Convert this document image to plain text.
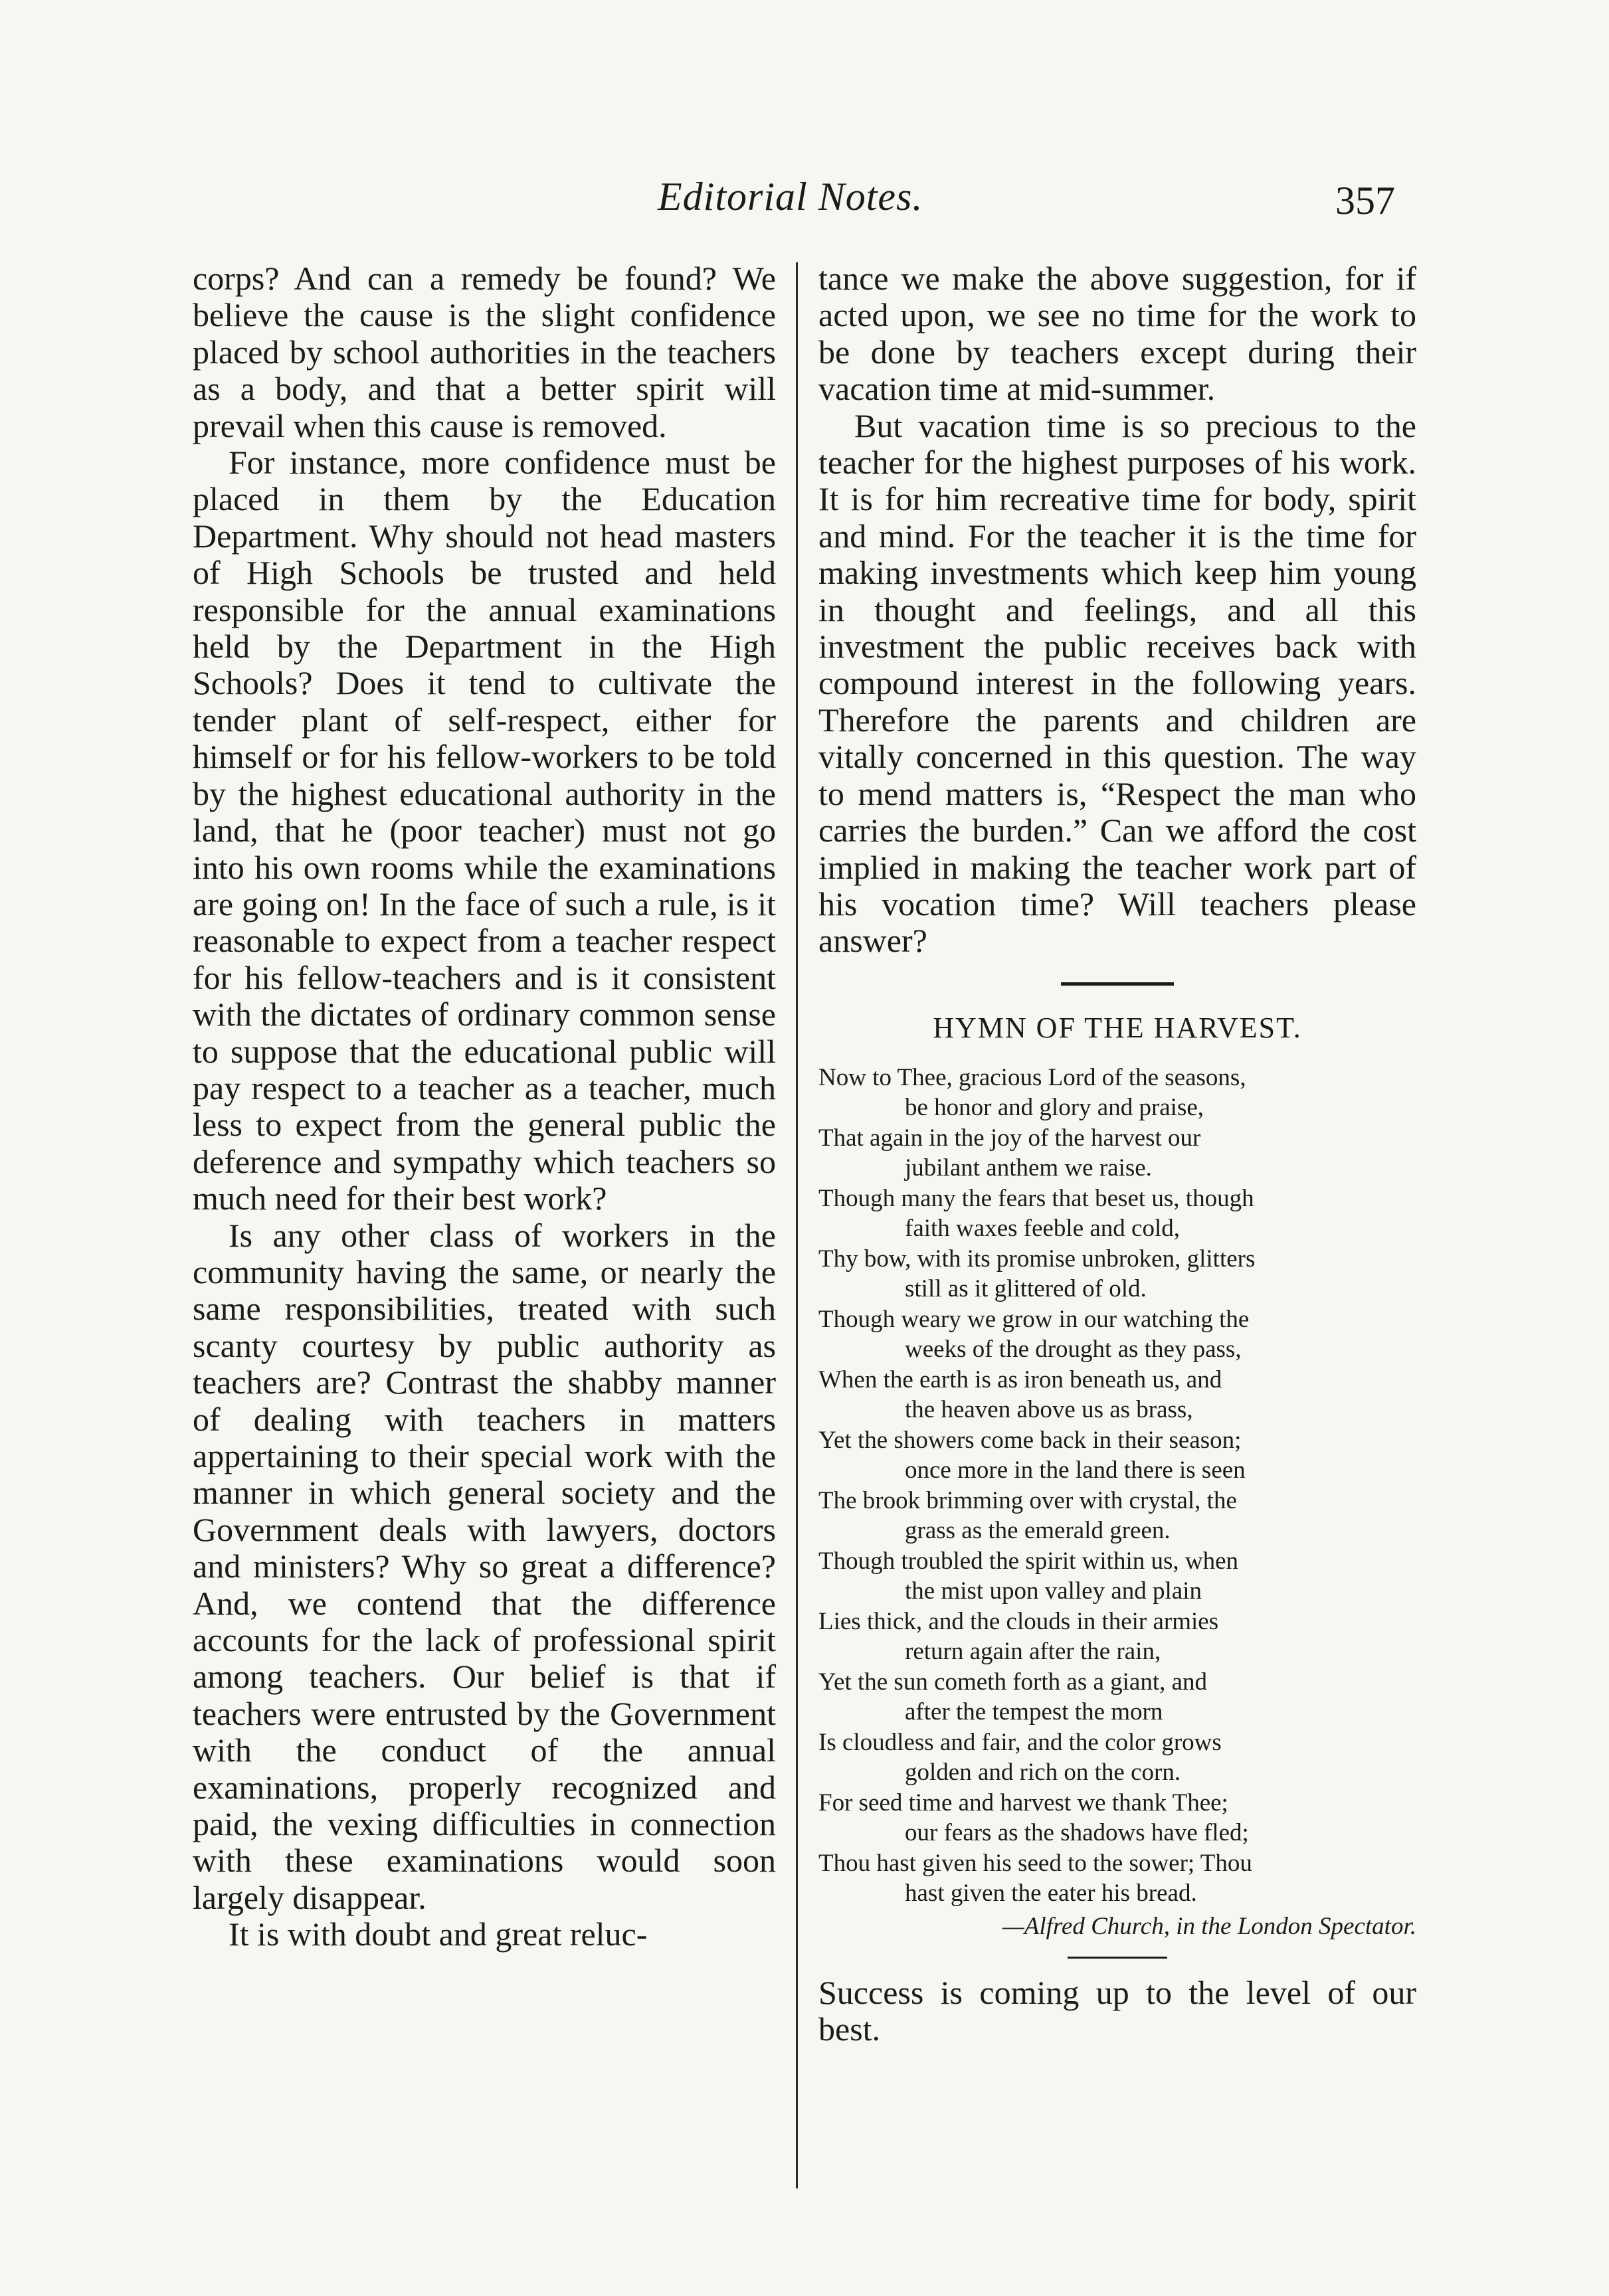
Editorial Notes.	357

corps? And can a remedy be found? We believe the cause is the slight confidence placed by school authorities in the teachers as a body, and that a better spirit will prevail when this cause is removed.

For instance, more confidence must be placed in them by the Education Department. Why should not head masters of High Schools be trusted and held responsible for the annual examinations held by the Department in the High Schools? Does it tend to cultivate the tender plant of self-respect, either for himself or for his fellow-workers to be told by the highest educational authority in the land, that he (poor teacher) must not go into his own rooms while the examinations are going on! In the face of such a rule, is it reasonable to expect from a teacher respect for his fellow-teachers and is it consistent with the dictates of ordinary common sense to suppose that the educational public will pay respect to a teacher as a teacher, much less to expect from the general public the deference and sympathy which teachers so much need for their best work?

Is any other class of workers in the community having the same, or nearly the same responsibilities, treated with such scanty courtesy by public authority as teachers are? Contrast the shabby manner of dealing with teachers in matters appertaining to their special work with the manner in which general society and the Government deals with lawyers, doctors and ministers? Why so great a difference? And, we contend that the difference accounts for the lack of professional spirit among teachers. Our belief is that if teachers were entrusted by the Government with the conduct of the annual examinations, properly recognized and paid, the vexing difficulties in connection with these examinations would soon largely disappear.

It is with doubt and great reluc-

tance we make the above suggestion, for if acted upon, we see no time for the work to be done by teachers except during their vacation time at mid-summer.

But vacation time is so precious to the teacher for the highest purposes of his work. It is for him recreative time for body, spirit and mind. For the teacher it is the time for making investments which keep him young in thought and feelings, and all this investment the public receives back with compound interest in the following years. Therefore the parents and children are vitally concerned in this question. The way to mend matters is, “Respect the man who carries the burden.” Can we afford the cost implied in making the teacher work part of his vocation time? Will teachers please answer?

HYMN OF THE HARVEST.
Now to Thee, gracious Lord of the seasons,
be honor and glory and praise,
That again in the joy of the harvest our
jubilant anthem we raise.
Though many the fears that beset us, though
faith waxes feeble and cold,
Thy bow, with its promise unbroken, glitters
still as it glittered of old.
Though weary we grow in our watching the
weeks of the drought as they pass,
When the earth is as iron beneath us, and
the heaven above us as brass,
Yet the showers come back in their season;
once more in the land there is seen
The brook brimming over with crystal, the
grass as the emerald green.
Though troubled the spirit within us, when
the mist upon valley and plain
Lies thick, and the clouds in their armies
return again after the rain,
Yet the sun cometh forth as a giant, and
after the tempest the morn
Is cloudless and fair, and the color grows
golden and rich on the corn.
For seed time and harvest we thank Thee;
our fears as the shadows have fled;
Thou hast given his seed to the sower; Thou
hast given the eater his bread.
—Alfred Church, in the London Spectator.

Success is coming up to the level of our best.
